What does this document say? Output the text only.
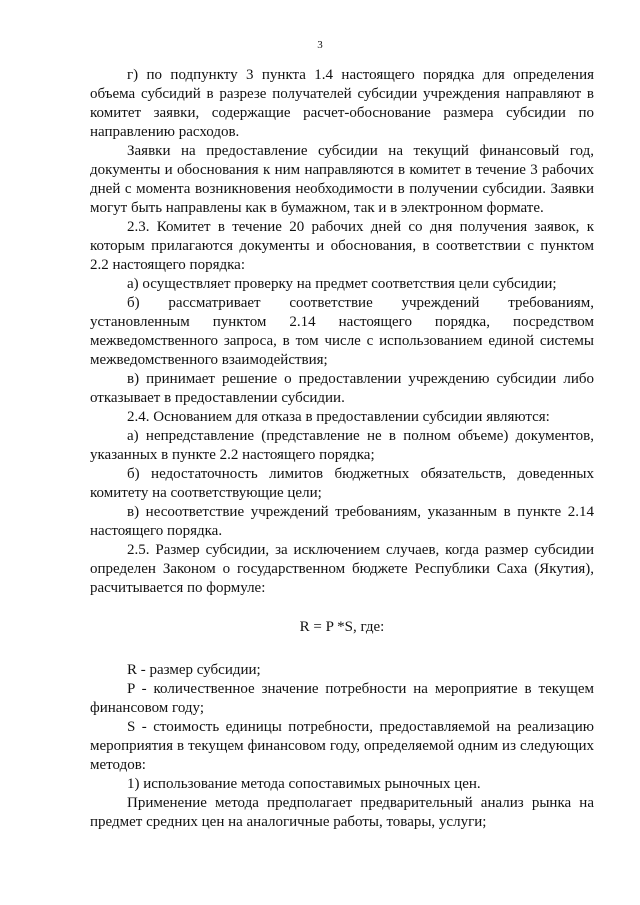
3

г) по подпункту 3 пункта 1.4 настоящего порядка для определения объема субсидий в разрезе получателей субсидии учреждения направляют в комитет заявки, содержащие расчет-обоснование размера субсидии по направлению расходов.

Заявки на предоставление субсидии на текущий финансовый год, документы и обоснования к ним направляются в комитет в течение 3 рабочих дней с момента возникновения необходимости в получении субсидии. Заявки могут быть направлены как в бумажном, так и в электронном формате.

2.3. Комитет в течение 20 рабочих дней со дня получения заявок, к которым прилагаются документы и обоснования, в соответствии с пунктом 2.2 настоящего порядка:

а) осуществляет проверку на предмет соответствия цели субсидии;

б) рассматривает соответствие учреждений требованиям, установленным пунктом 2.14 настоящего порядка, посредством межведомственного запроса, в том числе с использованием единой системы межведомственного взаимодействия;

в) принимает решение о предоставлении учреждению субсидии либо отказывает в предоставлении субсидии.

2.4. Основанием для отказа в предоставлении субсидии являются:

а) непредставление (представление не в полном объеме) документов, указанных в пункте 2.2 настоящего порядка;

б) недостаточность лимитов бюджетных обязательств, доведенных комитету на соответствующие цели;

в) несоответствие учреждений требованиям, указанным в пункте 2.14 настоящего порядка.

2.5. Размер субсидии, за исключением случаев, когда размер субсидии определен Законом о государственном бюджете Республики Саха (Якутия), расчитывается по формуле:

R = P *S, где:

R - размер субсидии;

P - количественное значение потребности на мероприятие в текущем финансовом году;

S - стоимость единицы потребности, предоставляемой на реализацию мероприятия в текущем финансовом году, определяемой одним из следующих методов:

1) использование метода сопоставимых рыночных цен.

Применение метода предполагает предварительный анализ рынка на предмет средних цен на аналогичные работы, товары, услуги;
